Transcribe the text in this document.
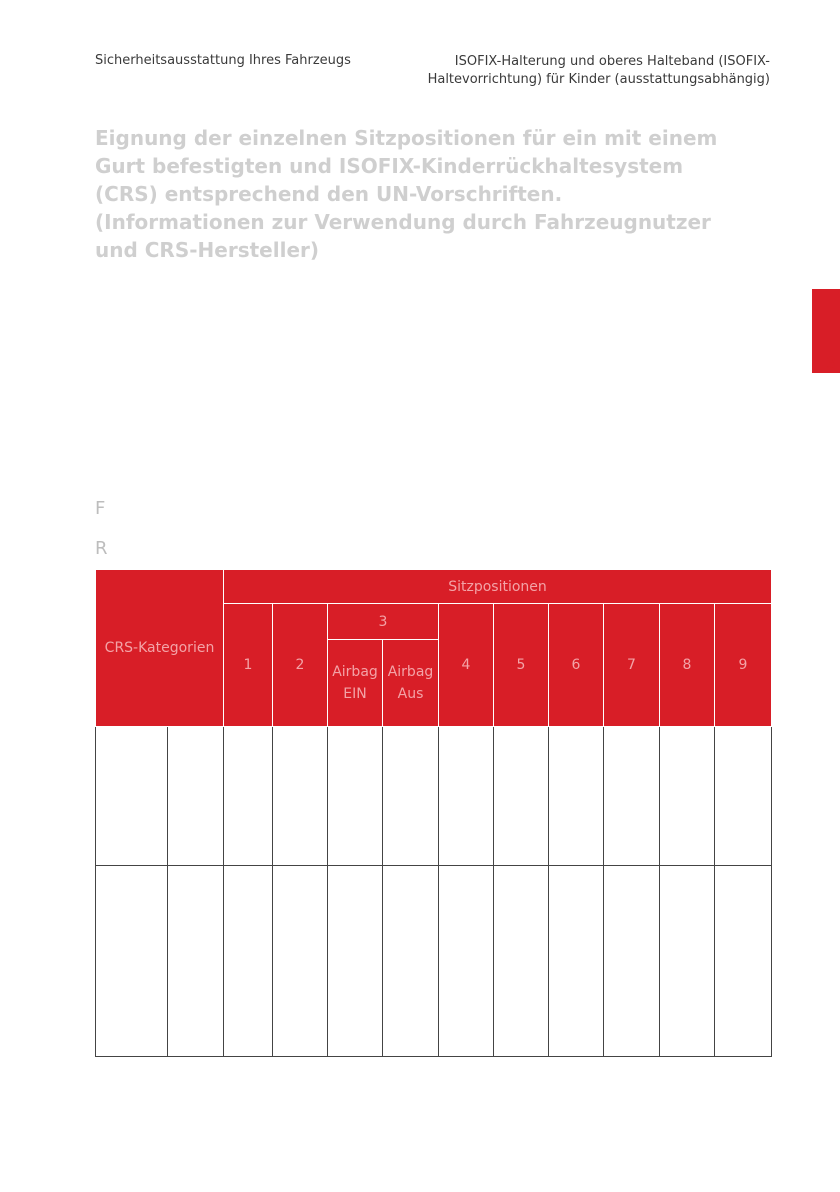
Sicherheitsausstattung Ihres Fahrzeugs	ISOFIX-Halterung und oberes Halteband (ISOFIX-Haltevorrichtung) für Kinder (ausstattungsabhängig)
Eignung der einzelnen Sitzpositionen für ein mit einem Gurt befestigten und ISOFIX-Kinderrückhaltesystem (CRS) entsprechend den UN-Vorschriften. (Informationen zur Verwendung durch Fahrzeugnutzer und CRS-Hersteller)
3
F
R
CRS-Kategorien		Sitzpositionen									
		1	2	3		4	5	6	7	8	9
				Airbag EIN	Airbag Aus						
